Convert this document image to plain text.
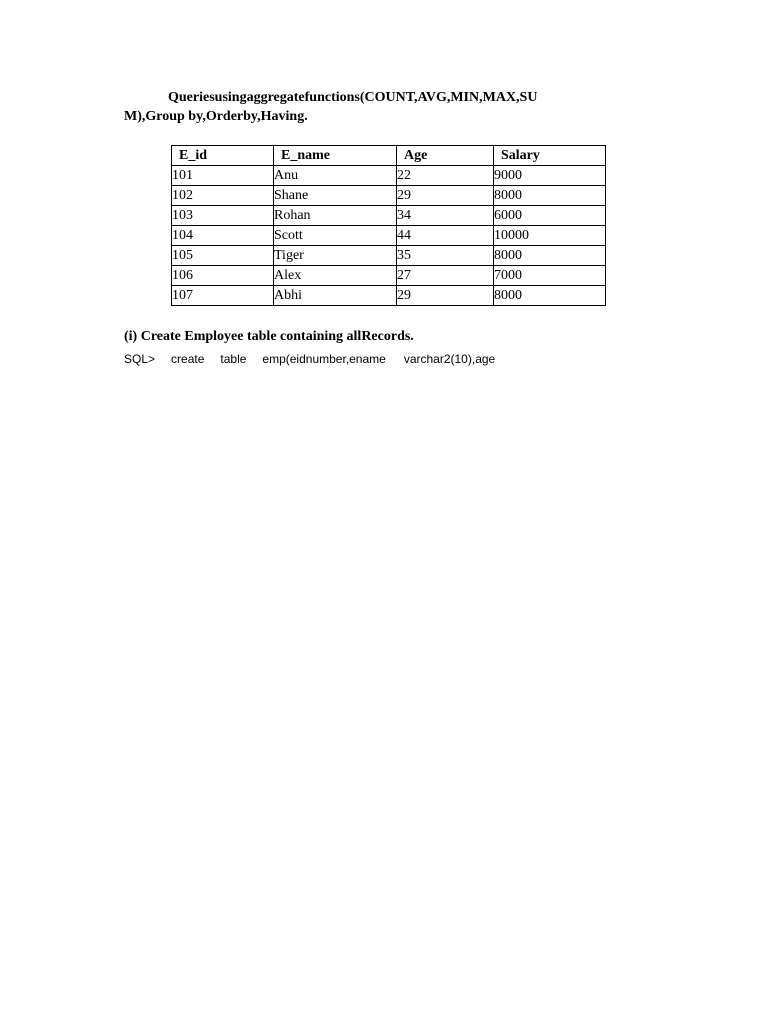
Queriesusingaggregatefunctions(COUNT,AVG,MIN,MAX,SU
M),Group by,Orderby,Having.
E_id	E_name	Age	Salary
101	Anu	22	9000
102	Shane	29	8000
103	Rohan	34	6000
104	Scott	44	10000
105	Tiger	35	8000
106	Alex	27	7000
107	Abhi	29	8000
(i) Create Employee table containing allRecords.
SQL> create table emp(eidnumber,ename varchar2(10),age
